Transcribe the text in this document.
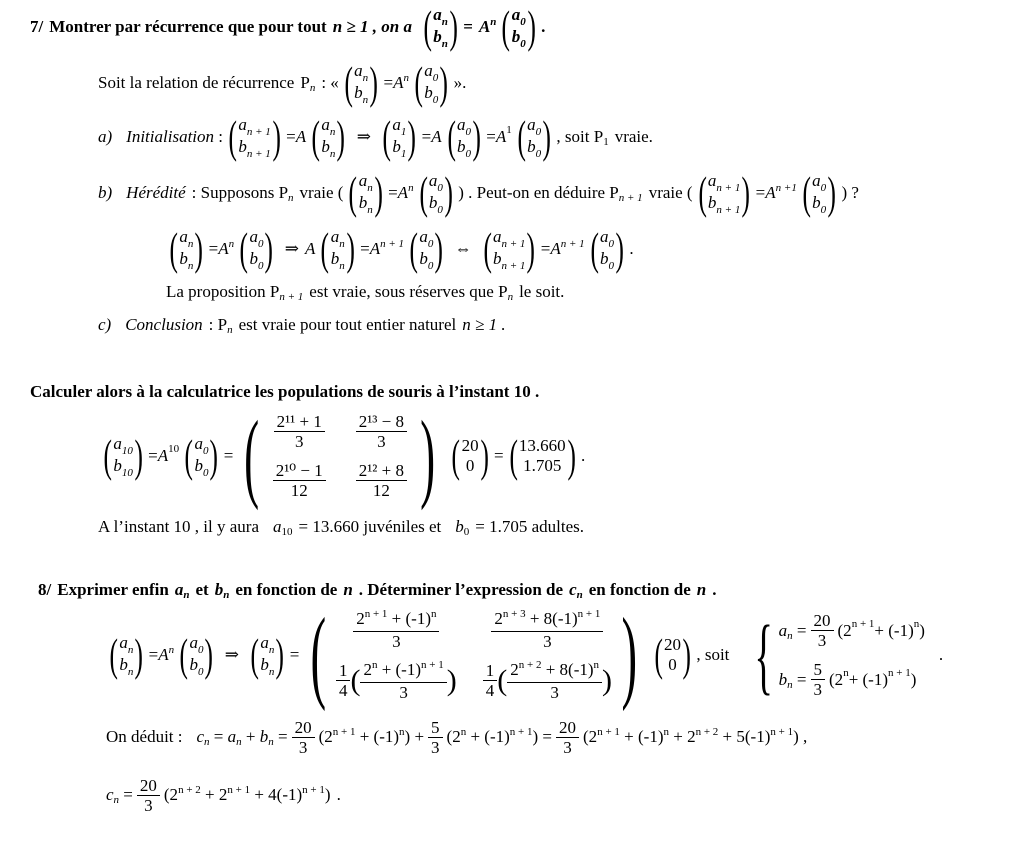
7/ Montrer par récurrence que pour tout n ≥ 1 , on a ( $a_n$
$b_n$ ) = $A^n$ ( $a_0$
$b_0$ ) .
Soit la relation de récurrence P n : « ( $a_n$
$b_n$ ) = $A^n$ ( $a_0$
$b_0$ ) ».
a) Initialisation : ( $a_{n + 1}$
$b_{n + 1}$ ) = A ( $a_n$
$b_n$ ) ⇒ ( $a_1$
$b_1$ ) = A ( $a_0$
$b_0$ ) = A 1 ( $a_0$
$b_0$ ) , soit P 1 vraie.
b) Hérédité : Supposons P n vraie ( ( $a_n$
$b_n$ ) = $A^n$ ( $a_0$
$b_0$ ) ) . Peut-on en déduire P n + 1 vraie ( ( $a_{n + 1}$
$b_{n + 1}$ ) = $A^{n +1}$ ( $a_0$
$b_0$ ) ) ?
( $a_n$
$b_n$ ) = $A^n$ ( $a_0$
$b_0$ ) ⇒ A ( $a_n$
$b_n$ ) = $A^{n + 1}$ ( $a_0$
$b_0$ ) ⇔ ( $a_{n + 1}$
$b_{n + 1}$ ) = $A^{n + 1}$ ( $a_0$
$b_0$ ) .
La proposition P n + 1 est vraie, sous réserves que P n le soit.
c) Conclusion : P n est vraie pour tout entier naturel n ≥ 1 .
Calculer alors à la calculatrice les populations de souris à l’instant 10 .
( $a_{10}$
$b_{10}$ ) = A 10 ( $a_0$
$b_0$ ) = ( $\frac{\text{2¹¹ + 1}}{3} \frac{\text{2¹³ − 8}}{3}$
$\frac{\text{2¹⁰ − 1}}{12} \frac{\text{2¹² + 8}}{12}$ ) ( 20
0 ) = ( 13.660
1.705 ) .
A l’instant 10 , il y aura a 10 = 13.660 juvéniles et b 0 = 1.705 adultes.
8/ Exprimer enfin a n et b n en fonction de n . Déterminer l’expression de c n en fonction de n .
( $a_n$
$b_n$ ) = $A^n$ ( $a_0$
$b_0$ ) ⇒ ( $a_n$
$b_n$ ) = ( $\frac{2^{n + 1} + (-1)^n}{3} \frac{2^{n + 3} + 8(-1)^{n + 1}}{3}$
$\frac{1}{4}$ ( $\frac{2^n + (-1)^{n + 1}}{3}$ ) $\frac{1}{4}$ ( $\frac{2^{n + 2} + 8(-1)^n}{3}$ ) ) ( 20
0 ) , soit { a $n = \frac{20}{3} (2$ n + 1 + (-1) n )
b $n = \frac{5}{3} (2$ n + (-1) n + 1 )
.
On déduit : c n = a n + b $n = \frac{20}{3} (2^{n + 1} + (-1)^n) + \frac{5}{3} (2^n + (-1)^{n + 1}) = \frac{20}{3} (2^{n + 1} + (-1)^n + 2^{n + 2} + 5(-1)^{n + 1})$ ,
c $n = \frac{20}{3} (2^{n + 2} + 2^{n + 1} + 4(-1)^{n + 1})$ .
